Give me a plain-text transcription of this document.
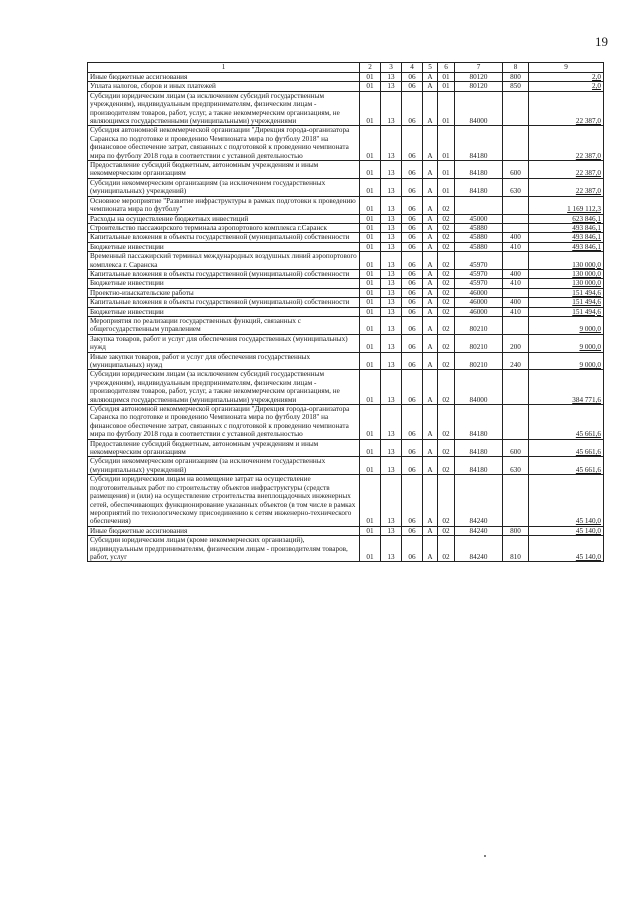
19
1	2	3	4	5	6	7	8	9
Иные бюджетные ассигнования	01	13	06	А	01	80120	800	2,0
Уплата налогов, сборов и иных платежей	01	13	06	А	01	80120	850	2,0
Субсидии юридическим лицам (за исключением субсидий государственным учреждениям), индивидуальным предпринимателям, физическим лицам - производителям товаров, работ, услуг, а также некоммерческим организациям, не являющимся государственными (муниципальными) учреждениями	01	13	06	А	01	84000		22 387,0
Субсидия автономной некоммерческой организации "Дирекция города-организатора Саранска по подготовке и проведению Чемпионата мира по футболу 2018" на финансовое обеспечение затрат, связанных с подготовкой к проведению чемпионата мира по футболу 2018 года в соответствии с уставной деятельностью	01	13	06	А	01	84180		22 387,0
Предоставление субсидий бюджетным, автономным учреждениям и иным некоммерческим организациям	01	13	06	А	01	84180	600	22 387,0
Субсидии некоммерческим организациям (за исключением государственных (муниципальных) учреждений)	01	13	06	А	01	84180	630	22 387,0
Основное мероприятие "Развитие инфраструктуры в рамках подготовки к проведению чемпионата мира по футболу"	01	13	06	А	02			1 169 112,3
Расходы на осуществление бюджетных инвестиций	01	13	06	А	02	45000		623 846,1
Строительство пассажирского терминала аэропортового комплекса г.Саранск	01	13	06	А	02	45880		493 846,1
Капитальные вложения в объекты государственной (муниципальной) собственности	01	13	06	А	02	45880	400	493 846,1
Бюджетные инвестиции	01	13	06	А	02	45880	410	493 846,1
Временный пассажирский терминал международных воздушных линий аэропортового комплекса г. Саранска	01	13	06	А	02	45970		130 000,0
Капитальные вложения в объекты государственной (муниципальной) собственности	01	13	06	А	02	45970	400	130 000,0
Бюджетные инвестиции	01	13	06	А	02	45970	410	130 000,0
Проектно-изыскательские работы	01	13	06	А	02	46000		151 494,6
Капитальные вложения в объекты государственной (муниципальной) собственности	01	13	06	А	02	46000	400	151 494,6
Бюджетные инвестиции	01	13	06	А	02	46000	410	151 494,6
Мероприятия по реализации государственных функций, связанных с общегосударственным управлением	01	13	06	А	02	80210		9 000,0
Закупка товаров, работ и услуг для обеспечения государственных (муниципальных) нужд	01	13	06	А	02	80210	200	9 000,0
Иные закупки товаров, работ и услуг для обеспечения государственных (муниципальных) нужд	01	13	06	А	02	80210	240	9 000,0
Субсидии юридическим лицам (за исключением субсидий государственным учреждениям), индивидуальным предпринимателям, физическим лицам - производителям товаров, работ, услуг, а также некоммерческим организациям, не являющимся государственными (муниципальными) учреждениями	01	13	06	А	02	84000		384 771,6
Субсидия автономной некоммерческой организации "Дирекция города-организатора Саранска по подготовке и проведению Чемпионата мира по футболу 2018" на финансовое обеспечение затрат, связанных с подготовкой к проведению чемпионата мира по футболу 2018 года в соответствии с уставной деятельностью	01	13	06	А	02	84180		45 661,6
Предоставление субсидий бюджетным, автономным учреждениям и иным некоммерческим организациям	01	13	06	А	02	84180	600	45 661,6
Субсидии некоммерческим организациям (за исключением государственных (муниципальных) учреждений)	01	13	06	А	02	84180	630	45 661,6
Субсидии юридическим лицам на возмещение затрат на осуществление подготовительных работ по строительству объектов инфраструктуры (средств размещения) и (или) на осуществление строительства внеплощадочных инженерных сетей, обеспечивающих функционирование указанных объектов (в том числе в рамках мероприятий по технологическому присоединению к сетям инженерно-технического обеспечения)	01	13	06	А	02	84240		45 140,0
Иные бюджетные ассигнования	01	13	06	А	02	84240	800	45 140,0
Субсидии юридическим лицам (кроме некоммерческих организаций), индивидуальным предпринимателям, физическим лицам - производителям товаров, работ, услуг	01	13	06	А	02	84240	810	45 140,0
